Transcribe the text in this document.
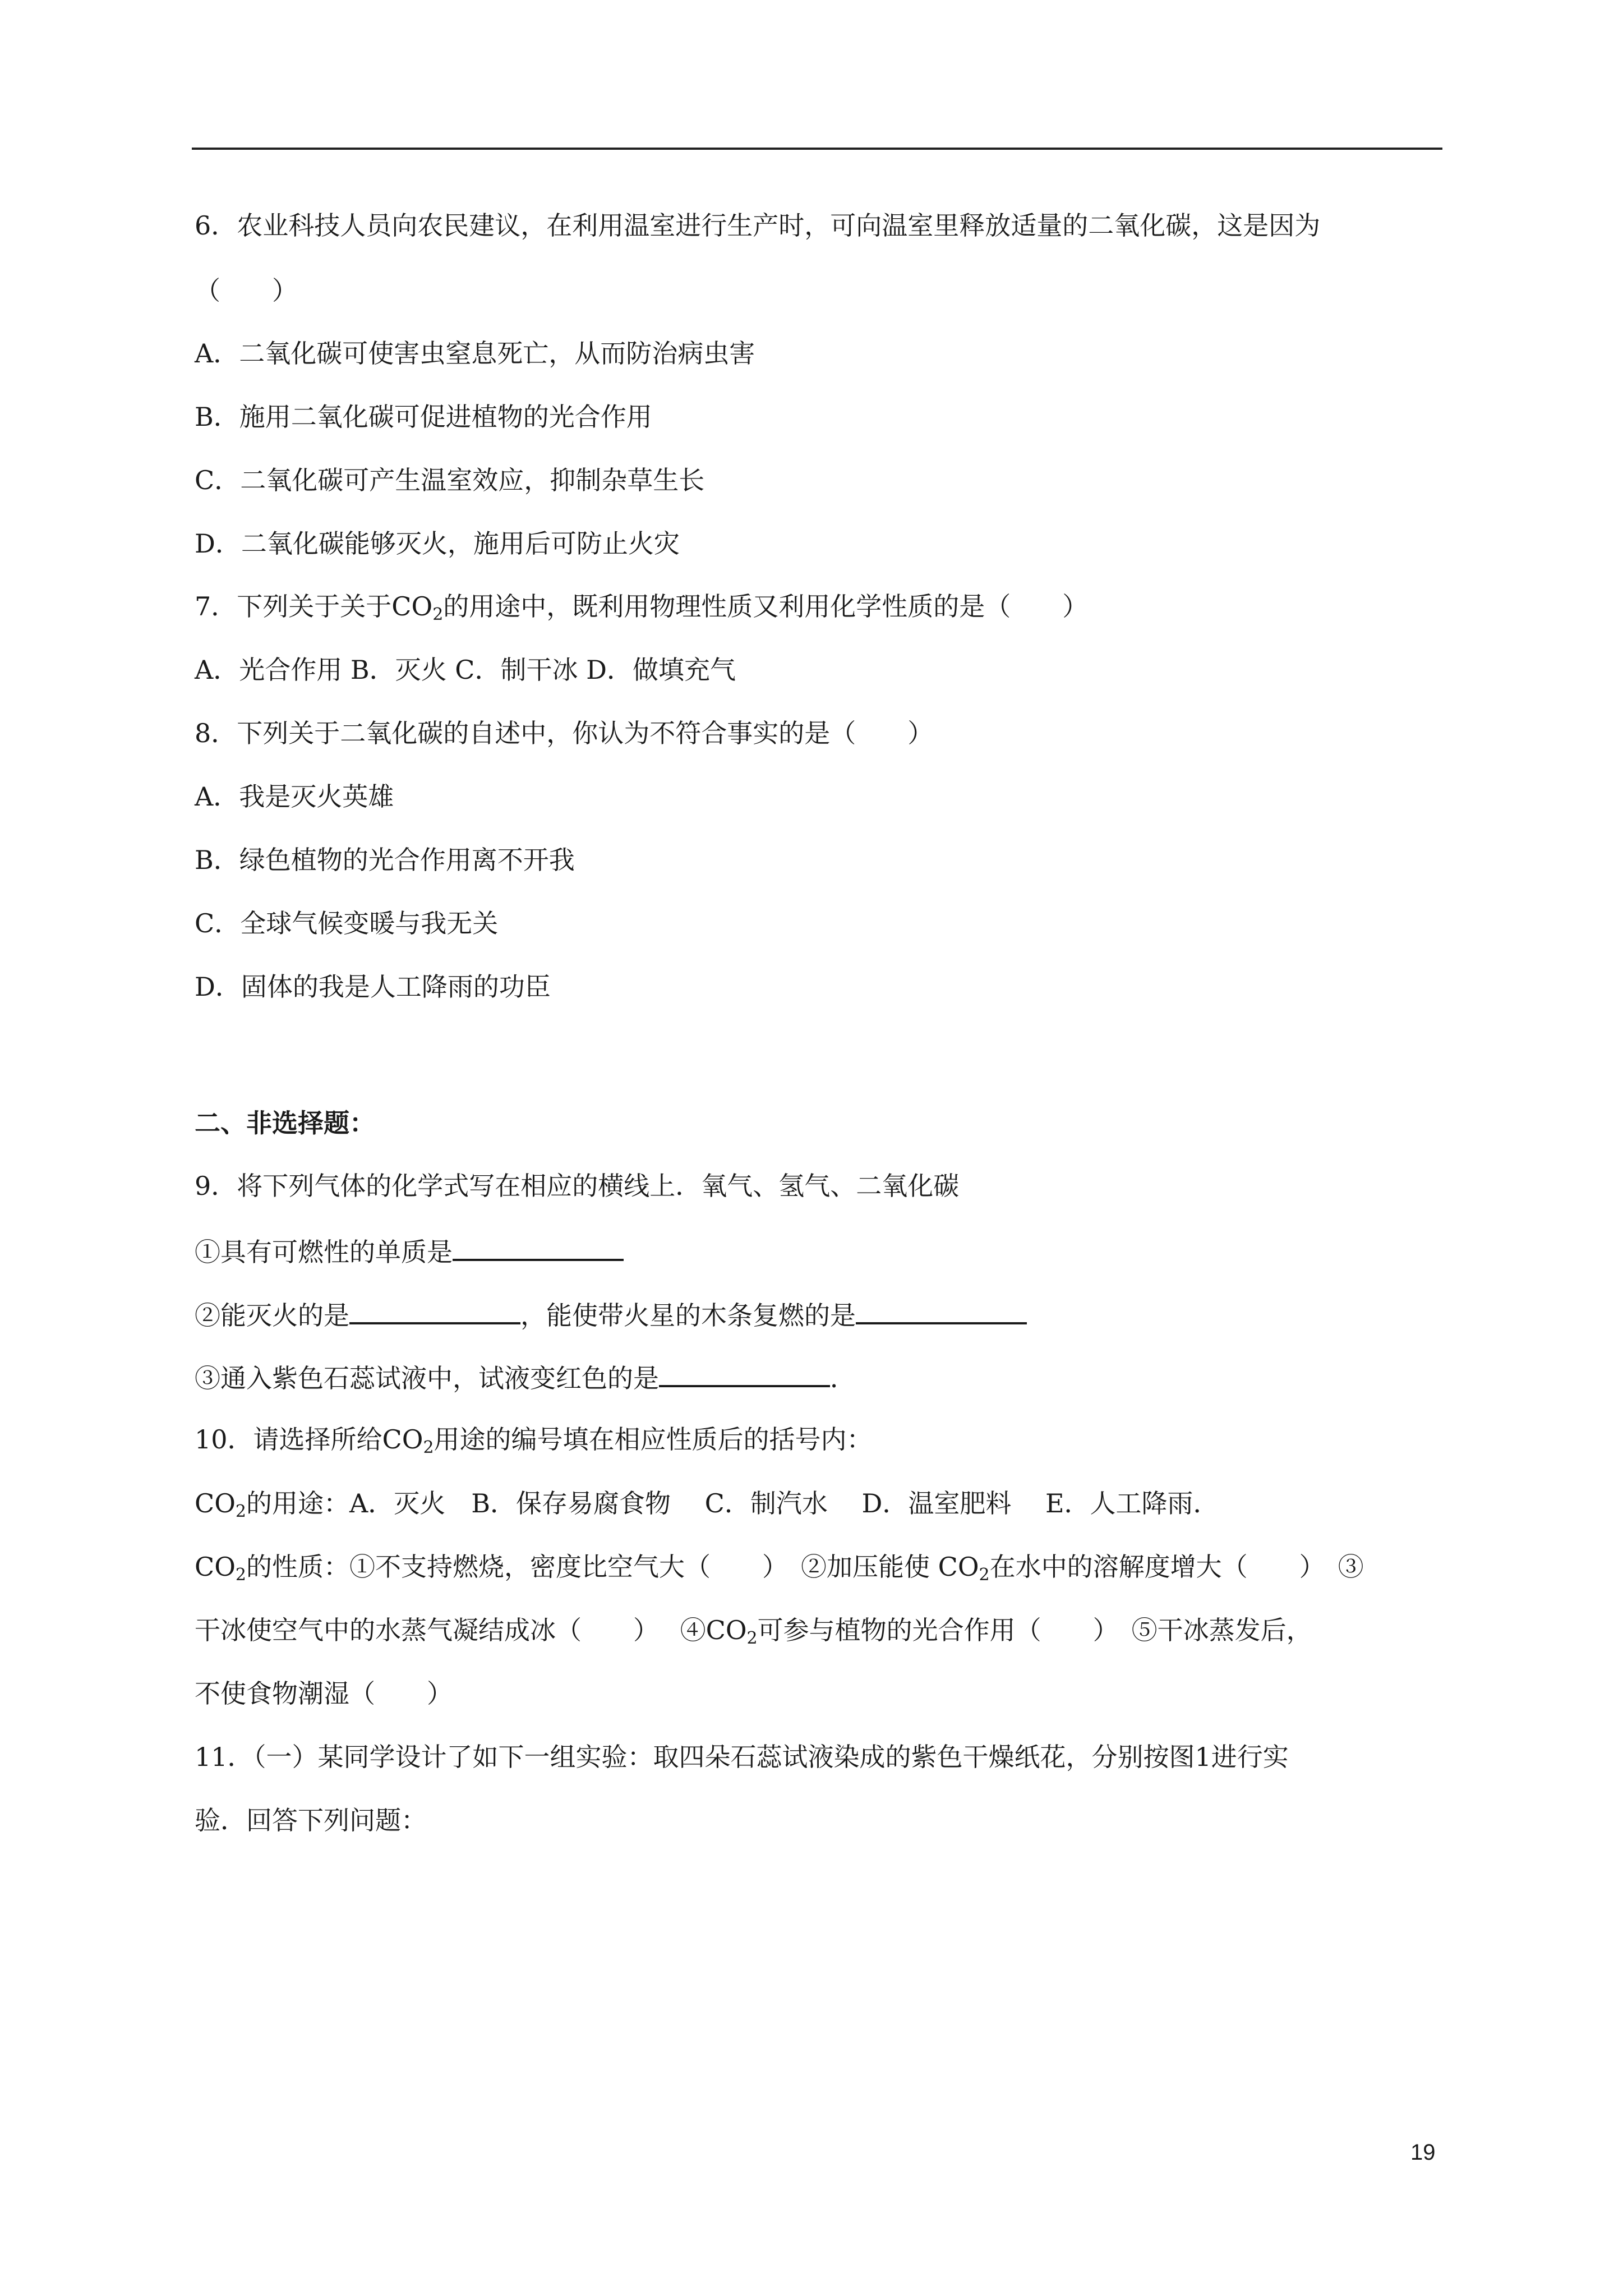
6．农业科技人员向农民建议，在利用温室进行生产时，可向温室里释放适量的二氧化碳，这是因为
（　　）
A．二氧化碳可使害虫窒息死亡，从而防治病虫害
B．施用二氧化碳可促进植物的光合作用
C．二氧化碳可产生温室效应，抑制杂草生长
D．二氧化碳能够灭火，施用后可防止火灾
7．下列关于关于$CO_2$的用途中，既利用物理性质又利用化学性质的是（　　）
A．光合作用 B．灭火 C．制干冰 D．做填充气
8．下列关于二氧化碳的自述中，你认为不符合事实的是（　　）
A．我是灭火英雄
B．绿色植物的光合作用离不开我
C．全球气候变暖与我无关
D．固体的我是人工降雨的功臣
二、非选择题：
9．将下列气体的化学式写在相应的横线上．氧气、氢气、二氧化碳
①具有可燃性的单质是
②能灭火的是	，能使带火星的木条复燃的是
③通入紫色石蕊试液中，试液变红色的是	．
10．请选择所给$CO_2$用途的编号填在相应性质后的括号内：
$CO_2$的用途：A．灭火　B．保存易腐食物　 C．制汽水　 D．温室肥料　 E．人工降雨．
$CO_2$的性质：①不支持燃烧，密度比空气大（　　）　②加压能使 $CO_2$在水中的溶解度增大（　　）　③
干冰使空气中的水蒸气凝结成冰（　　）　 $④CO_2$可参与植物的光合作用（　　）　⑤干冰蒸发后，
不使食物潮湿（　　）
11．（一）某同学设计了如下一组实验：取四朵石蕊试液染成的紫色干燥纸花，分别按图1进行实
验．回答下列问题：
19
